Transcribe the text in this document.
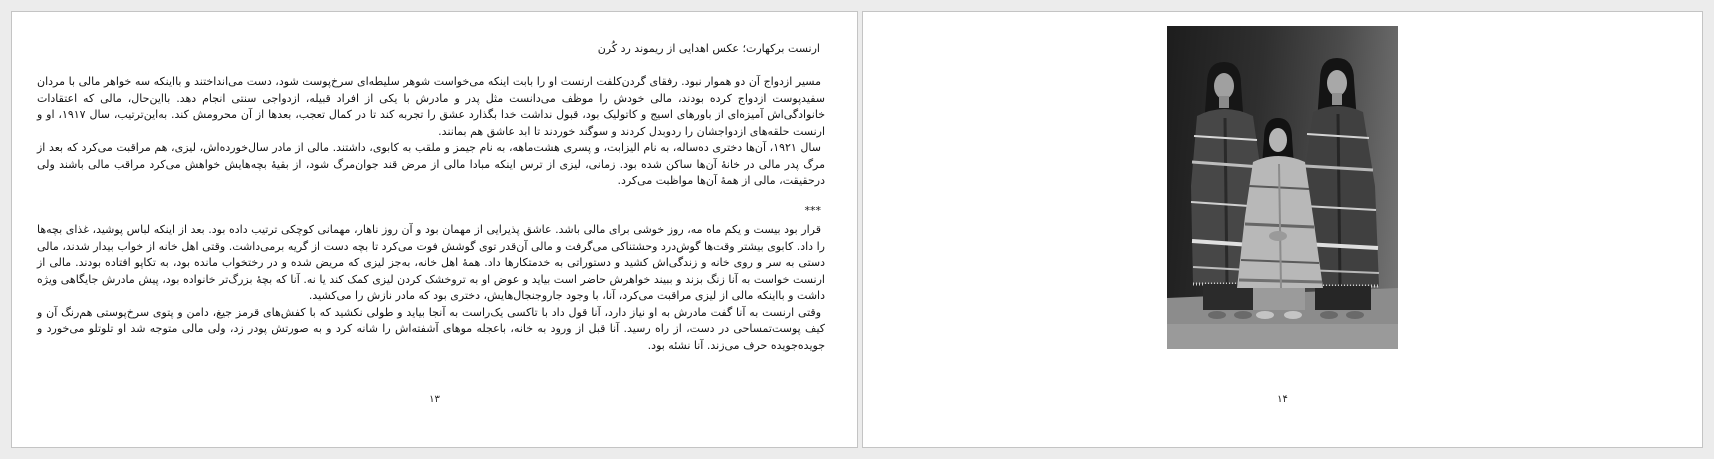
ارنست برکهارت؛ عکس اهدایی از ریموند رد کُرن

مسیر ازدواج آن دو هموار نبود. رفقای گردن‌کلفت ارنست او را بابت اینکه می‌خواست شوهر سلیطه‌ای سرخ‌پوست شود، دست می‌انداختند و بااینکه سه خواهر مالی با مردان سفیدپوست ازدواج کرده بودند، مالی خودش را موظف می‌دانست مثل پدر و مادرش با یکی از افراد قبیله، ازدواجی سنتی انجام دهد. بااین‌حال، مالی که اعتقادات خانوادگی‌اش آمیزه‌ای از باورهای اسیج و کاتولیک بود، قبول نداشت خدا بگذارد عشق را تجربه کند تا در کمال تعجب، بعدها از آن محرومش کند. به‌این‌ترتیب، سال ۱۹۱۷، او و ارنست حلقه‌های ازدواجشان را ردوبدل کردند و سوگند خوردند تا ابد عاشق هم بمانند.

سال ۱۹۲۱، آن‌ها دختری ده‌ساله، به نام الیزابت، و پسری هشت‌ماهه، به نام جیمز و ملقب به کابوی، داشتند. مالی از مادر سال‌خورده‌اش، لیزی، هم مراقبت می‌کرد که بعد از مرگ پدر مالی در خانهٔ آن‌ها ساکن شده بود. زمانی، لیزی از ترس اینکه مبادا مالی از مرض قند جوان‌مرگ شود، از بقیهٔ بچه‌هایش خواهش می‌کرد مراقب مالی باشند ولی درحقیقت، مالی از همهٔ آن‌ها مواظبت می‌کرد.

***

قرار بود بیست و یکم ماه مه، روز خوشی برای مالی باشد. عاشق پذیرایی از مهمان بود و آن روز ناهار، مهمانی کوچکی ترتیب داده بود. بعد از اینکه لباس پوشید، غذای بچه‌ها را داد. کابوی بیشتر وقت‌ها گوش‌درد وحشتناکی می‌گرفت و مالی آن‌قدر توی گوشش فوت می‌کرد تا بچه دست از گریه برمی‌داشت. وقتی اهل خانه از خواب بیدار شدند، مالی دستی به سر و روی خانه و زندگی‌اش کشید و دستوراتی به خدمتکارها داد. همهٔ اهل خانه، به‌جز لیزی که مریض شده و در رختخواب مانده بود، به تکاپو افتاده بودند. مالی از ارنست خواست به آنا زنگ بزند و ببیند خواهرش حاضر است بیاید و عوض او به تروخشک کردن لیزی کمک کند یا نه. آنا که بچهٔ بزرگ‌تر خانواده بود، پیش مادرش جایگاهی ویژه داشت و بااینکه مالی از لیزی مراقبت می‌کرد، آنا، با وجود جاروجنجال‌هایش، دختری بود که مادر نازش را می‌کشید.

وقتی ارنست به آنا گفت مادرش به او نیاز دارد، آنا قول داد با تاکسی یک‌راست به آنجا بیاید و طولی نکشید که با کفش‌های قرمز جیغ، دامن و پتوی سرخ‌پوستی هم‌رنگ آن و کیف پوست‌تمساحی در دست، از راه رسید. آنا قبل از ورود به خانه، باعجله موهای آشفته‌اش را شانه کرد و به صورتش پودر زد، ولی مالی متوجه شد او تلوتلو می‌خورد و جویده‌جویده حرف می‌زند. آنا نشئه بود.

۱۳	۱۴
